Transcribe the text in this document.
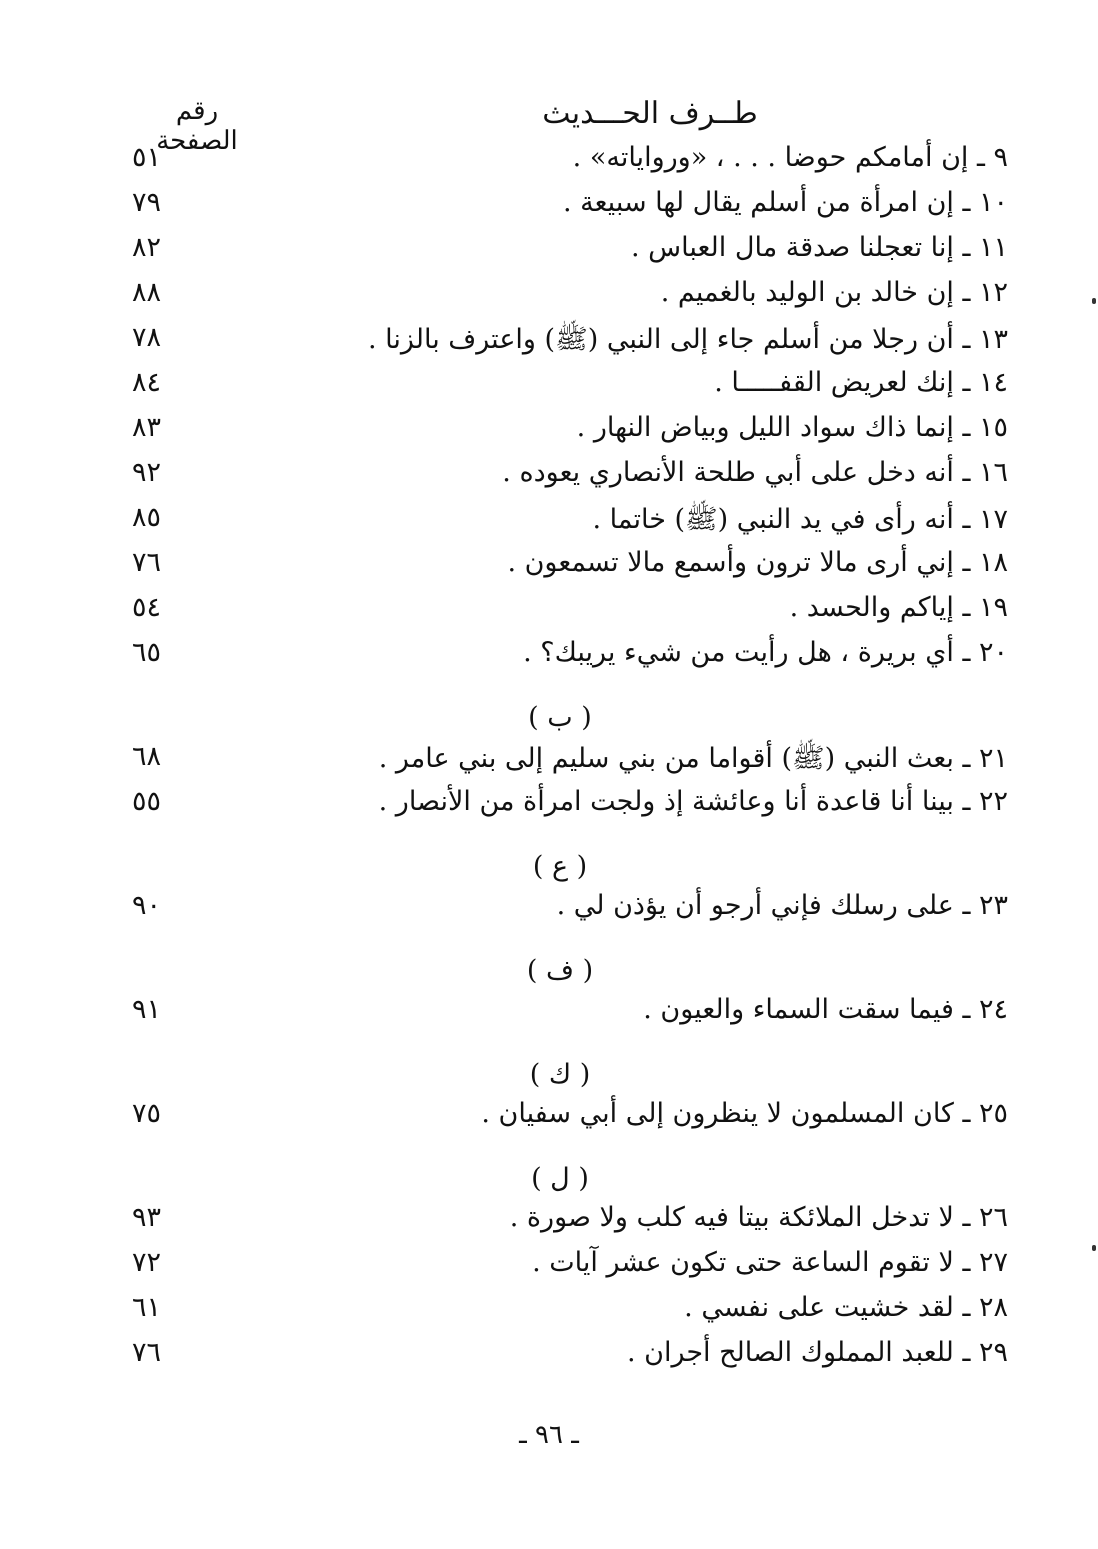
طــرف الحـــديث
رقم الصفحة
٩ ـ إن أمامكم حوضا . . . ، «ورواياته» .
٥١
١٠ ـ إن امرأة من أسلم يقال لها سبيعة .
٧٩
١١ ـ إنا تعجلنا صدقة مال العباس .
٨٢
١٢ ـ إن خالد بن الوليد بالغميم .
٨٨
١٣ ـ أن رجلا من أسلم جاء إلى النبي (ﷺ) واعترف بالزنا .
٧٨
١٤ ـ إنك لعريض القفـــــا .
٨٤
١٥ ـ إنما ذاك سواد الليل وبياض النهار .
٨٣
١٦ ـ أنه دخل على أبي طلحة الأنصاري يعوده .
٩٢
١٧ ـ أنه رأى في يد النبي (ﷺ) خاتما .
٨٥
١٨ ـ إني أرى مالا ترون وأسمع مالا تسمعون .
٧٦
١٩ ـ إياكم والحسد .
٥٤
٢٠ ـ أي بريرة ، هل رأيت من شيء يريبك؟ .
٦٥
( ب )
٢١ ـ بعث النبي (ﷺ) أقواما من بني سليم إلى بني عامر .
٦٨
٢٢ ـ بينا أنا قاعدة أنا وعائشة إذ ولجت امرأة من الأنصار .
٥٥
( ع )
٢٣ ـ على رسلك فإني أرجو أن يؤذن لي .
٩٠
( ف )
٢٤ ـ فيما سقت السماء والعيون .
٩١
( ك )
٢٥ ـ كان المسلمون لا ينظرون إلى أبي سفيان .
٧٥
( ل )
٢٦ ـ لا تدخل الملائكة بيتا فيه كلب ولا صورة .
٩٣
٢٧ ـ لا تقوم الساعة حتى تكون عشر آيات .
٧٢
٢٨ ـ لقد خشيت على نفسي .
٦١
٢٩ ـ للعبد المملوك الصالح أجران .
٧٦
ـ ٩٦ ـ
